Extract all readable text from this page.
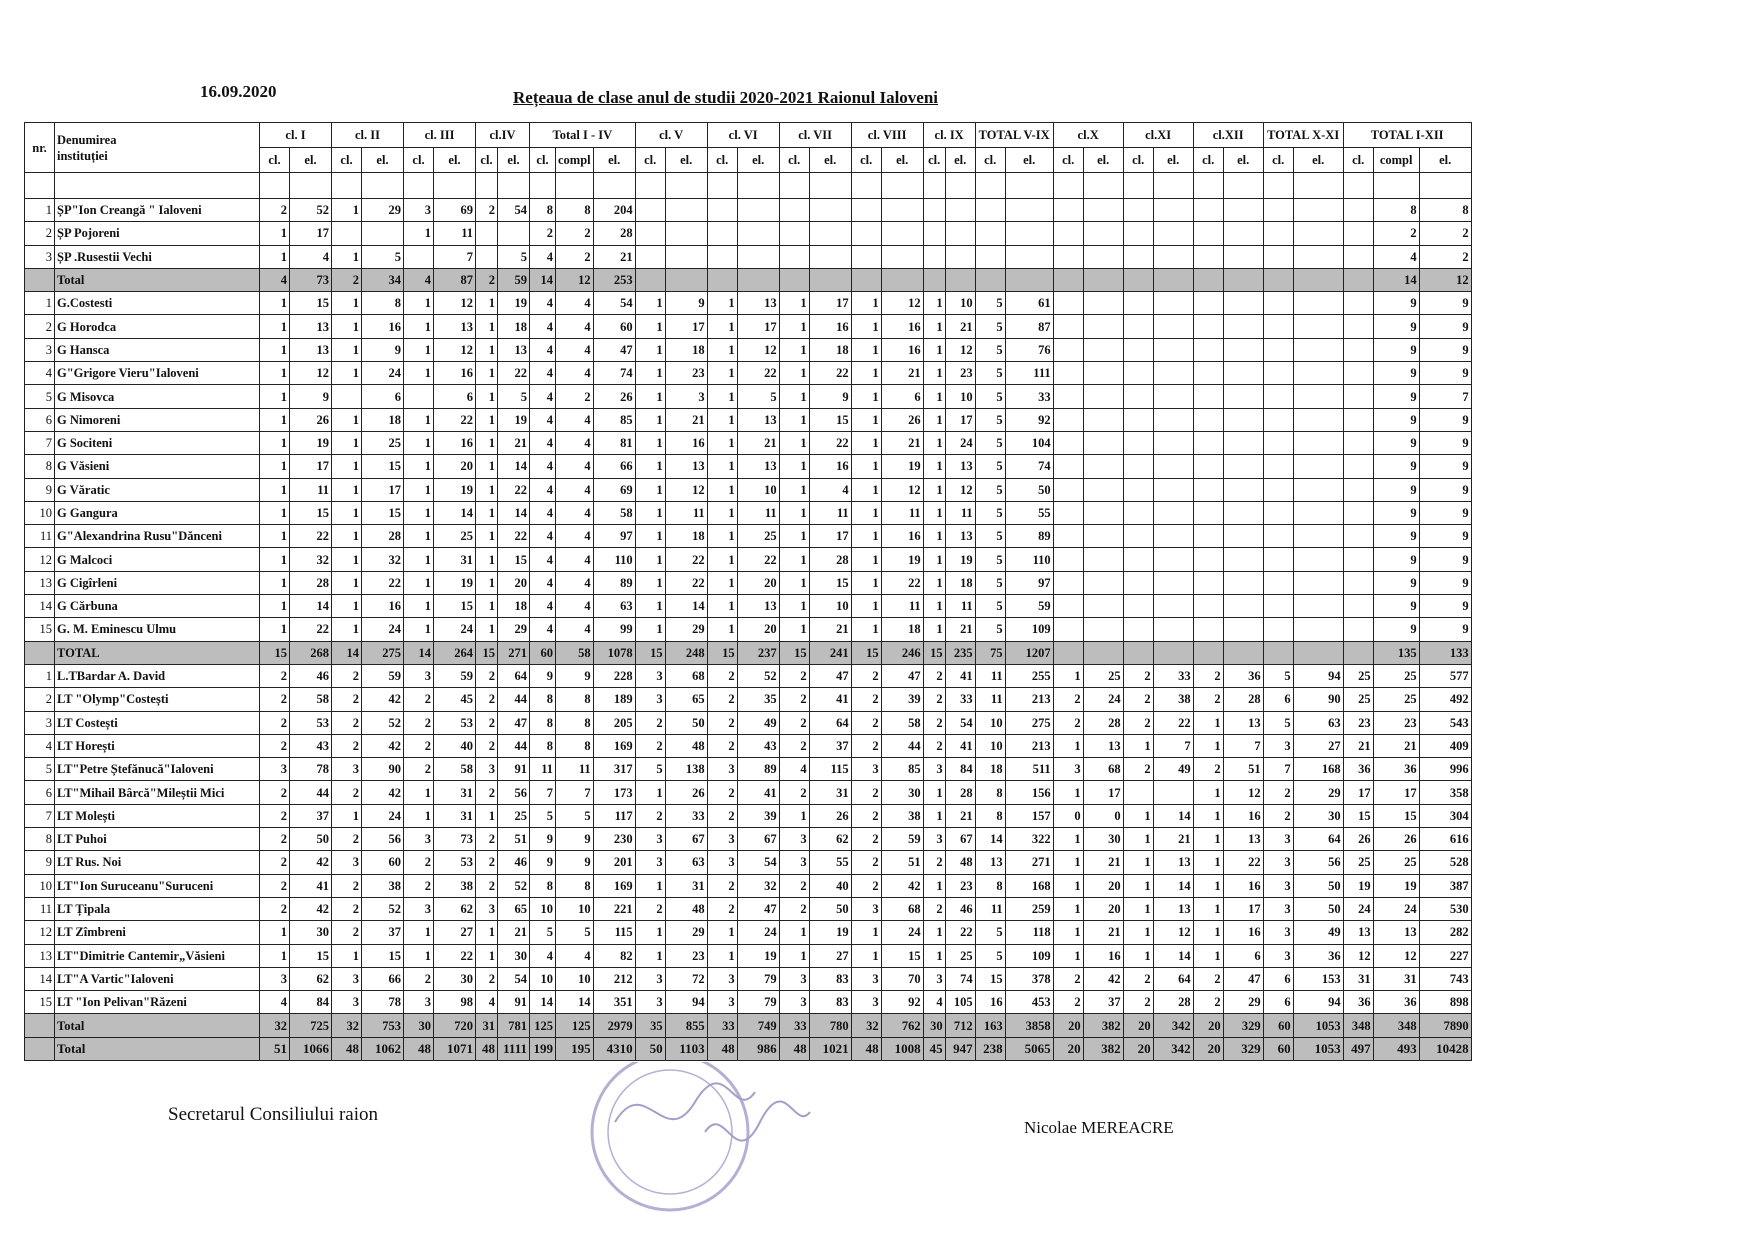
16.09.2020	Rețeaua de clase anul de studii 2020-2021 Raionul Ialoveni
nr.	Denumirea
instituției	cl. I		cl. II		cl. III		cl.IV		Total I - IV			cl. V		cl. VI		cl. VII		cl. VIII		cl. IX		TOTAL V-IX		cl.X		cl.XI		cl.XII		TOTAL X-XI		TOTAL I-XII		
		cl.	el.	cl.	el.	cl.	el.	cl.	el.	cl.	compl	el.	cl.	el.	cl.	el.	cl.	el.	cl.	el.	cl.	el.	cl.	el.	cl.	el.	cl.	el.	cl.	el.	cl.	el.	cl.	compl	el.

1	ȘP"Ion Creangă " Ialoveni	2	52	1	29	3	69	2	54	8	8	204																						8	8
2	ȘP Pojoreni	1	17			1	11			2	2	28																						2	2
3	ȘP .Rusestii Vechi	1	4	1	5		7		5	4	2	21																						4	2
	Total	4	73	2	34	4	87	2	59	14	12	253																						14	12
1	G.Costesti	1	15	1	8	1	12	1	19	4	4	54	1	9	1	13	1	17	1	12	1	10	5	61										9	9
2	G Horodca	1	13	1	16	1	13	1	18	4	4	60	1	17	1	17	1	16	1	16	1	21	5	87										9	9
3	G Hansca	1	13	1	9	1	12	1	13	4	4	47	1	18	1	12	1	18	1	16	1	12	5	76										9	9
4	G"Grigore Vieru"Ialoveni	1	12	1	24	1	16	1	22	4	4	74	1	23	1	22	1	22	1	21	1	23	5	111										9	9
5	G Misovca	1	9		6		6	1	5	4	2	26	1	3	1	5	1	9	1	6	1	10	5	33										9	7
6	G Nimoreni	1	26	1	18	1	22	1	19	4	4	85	1	21	1	13	1	15	1	26	1	17	5	92										9	9
7	G Sociteni	1	19	1	25	1	16	1	21	4	4	81	1	16	1	21	1	22	1	21	1	24	5	104										9	9
8	G Văsieni	1	17	1	15	1	20	1	14	4	4	66	1	13	1	13	1	16	1	19	1	13	5	74										9	9
9	G Văratic	1	11	1	17	1	19	1	22	4	4	69	1	12	1	10	1	4	1	12	1	12	5	50										9	9
10	G Gangura	1	15	1	15	1	14	1	14	4	4	58	1	11	1	11	1	11	1	11	1	11	5	55										9	9
11	G"Alexandrina Rusu"Dănceni	1	22	1	28	1	25	1	22	4	4	97	1	18	1	25	1	17	1	16	1	13	5	89										9	9
12	G Malcoci	1	32	1	32	1	31	1	15	4	4	110	1	22	1	22	1	28	1	19	1	19	5	110										9	9
13	G Cigîrleni	1	28	1	22	1	19	1	20	4	4	89	1	22	1	20	1	15	1	22	1	18	5	97										9	9
14	G Cărbuna	1	14	1	16	1	15	1	18	4	4	63	1	14	1	13	1	10	1	11	1	11	5	59										9	9
15	G. M. Eminescu Ulmu	1	22	1	24	1	24	1	29	4	4	99	1	29	1	20	1	21	1	18	1	21	5	109										9	9
	TOTAL	15	268	14	275	14	264	15	271	60	58	1078	15	248	15	237	15	241	15	246	15	235	75	1207										135	133
1	L.TBardar A. David	2	46	2	59	3	59	2	64	9	9	228	3	68	2	52	2	47	2	47	2	41	11	255	1	25	2	33	2	36	5	94	25	25	577
2	LT "Olymp"Costești	2	58	2	42	2	45	2	44	8	8	189	3	65	2	35	2	41	2	39	2	33	11	213	2	24	2	38	2	28	6	90	25	25	492
3	LT Costești	2	53	2	52	2	53	2	47	8	8	205	2	50	2	49	2	64	2	58	2	54	10	275	2	28	2	22	1	13	5	63	23	23	543
4	LT Horești	2	43	2	42	2	40	2	44	8	8	169	2	48	2	43	2	37	2	44	2	41	10	213	1	13	1	7	1	7	3	27	21	21	409
5	LT"Petre Ștefănucă"Ialoveni	3	78	3	90	2	58	3	91	11	11	317	5	138	3	89	4	115	3	85	3	84	18	511	3	68	2	49	2	51	7	168	36	36	996
6	LT"Mihail Bârcă"Mileștii Mici	2	44	2	42	1	31	2	56	7	7	173	1	26	2	41	2	31	2	30	1	28	8	156	1	17			1	12	2	29	17	17	358
7	LT Molești	2	37	1	24	1	31	1	25	5	5	117	2	33	2	39	1	26	2	38	1	21	8	157	0	0	1	14	1	16	2	30	15	15	304
8	LT Puhoi	2	50	2	56	3	73	2	51	9	9	230	3	67	3	67	3	62	2	59	3	67	14	322	1	30	1	21	1	13	3	64	26	26	616
9	LT Rus. Noi	2	42	3	60	2	53	2	46	9	9	201	3	63	3	54	3	55	2	51	2	48	13	271	1	21	1	13	1	22	3	56	25	25	528
10	LT"Ion Suruceanu"Suruceni	2	41	2	38	2	38	2	52	8	8	169	1	31	2	32	2	40	2	42	1	23	8	168	1	20	1	14	1	16	3	50	19	19	387
11	LT Țipala	2	42	2	52	3	62	3	65	10	10	221	2	48	2	47	2	50	3	68	2	46	11	259	1	20	1	13	1	17	3	50	24	24	530
12	LT Zîmbreni	1	30	2	37	1	27	1	21	5	5	115	1	29	1	24	1	19	1	24	1	22	5	118	1	21	1	12	1	16	3	49	13	13	282
13	LT"Dimitrie Cantemir„Văsieni	1	15	1	15	1	22	1	30	4	4	82	1	23	1	19	1	27	1	15	1	25	5	109	1	16	1	14	1	6	3	36	12	12	227
14	LT"A Vartic"Ialoveni	3	62	3	66	2	30	2	54	10	10	212	3	72	3	79	3	83	3	70	3	74	15	378	2	42	2	64	2	47	6	153	31	31	743
15	LT "Ion Pelivan"Răzeni	4	84	3	78	3	98	4	91	14	14	351	3	94	3	79	3	83	3	92	4	105	16	453	2	37	2	28	2	29	6	94	36	36	898
	Total	32	725	32	753	30	720	31	781	125	125	2979	35	855	33	749	33	780	32	762	30	712	163	3858	20	382	20	342	20	329	60	1053	348	348	7890
	Total	51	1066	48	1062	48	1071	48	1111	199	195	4310	50	1103	48	986	48	1021	48	1008	45	947	238	5065	20	382	20	342	20	329	60	1053	497	493	10428
Secretarul Consiliului raion
Nicolae MEREACRE
